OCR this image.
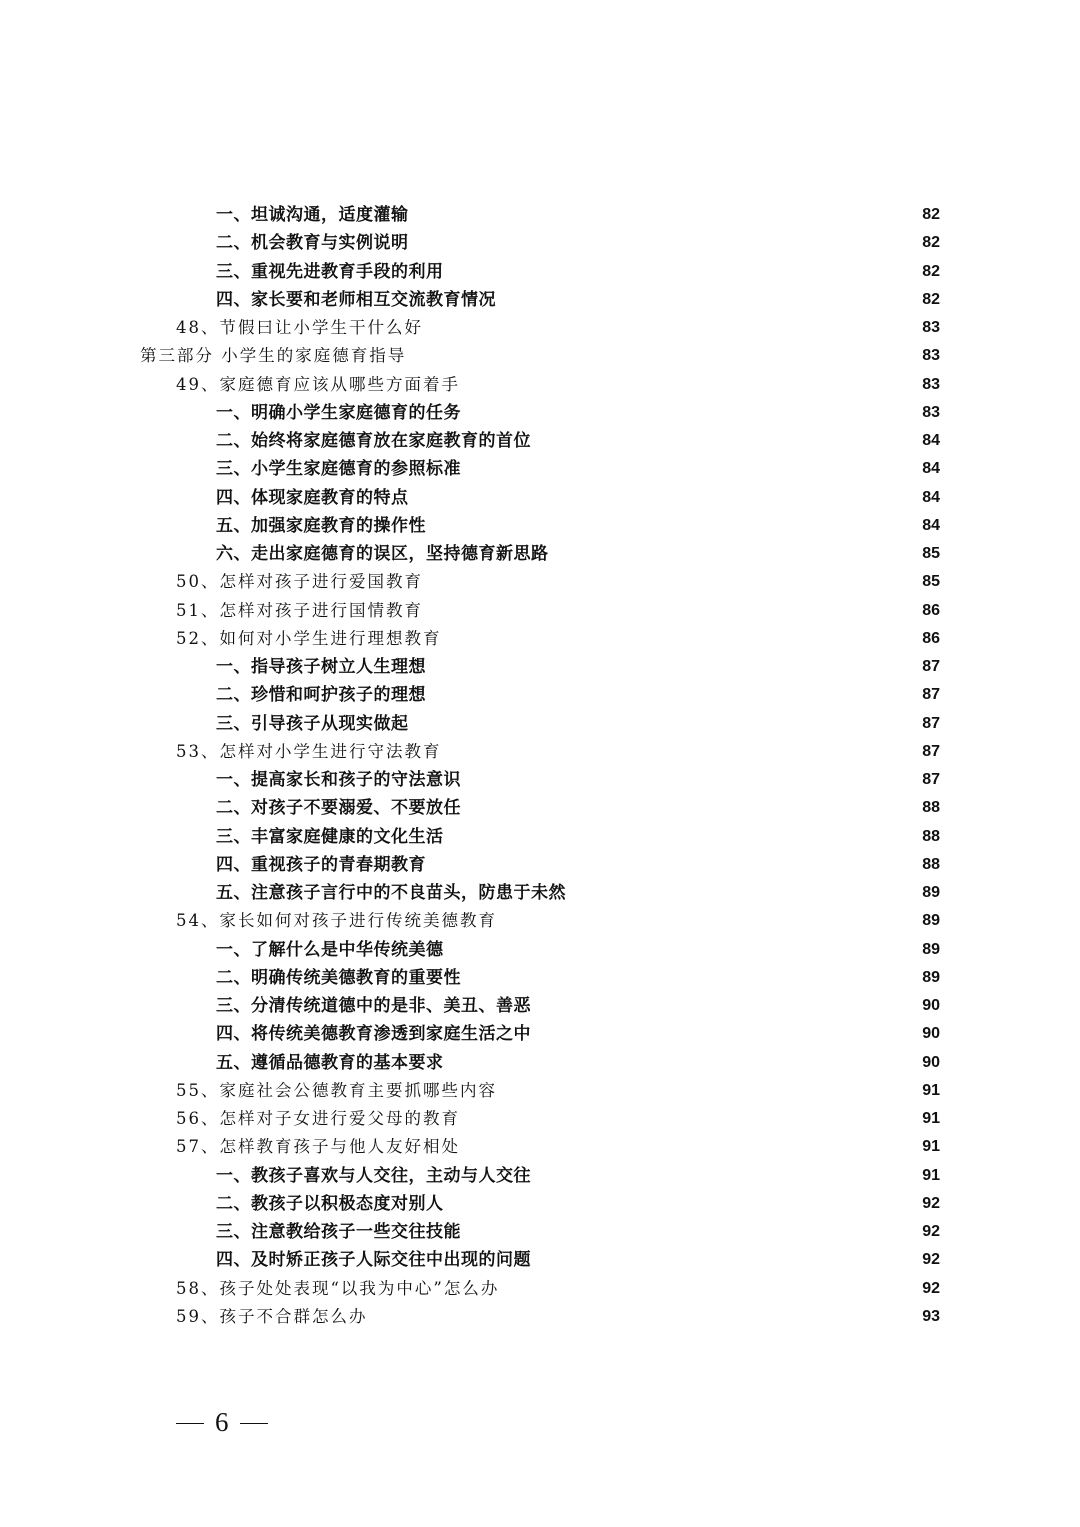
一、坦诚沟通，适度灌输	82
二、机会教育与实例说明	82
三、重视先进教育手段的利用	82
四、家长要和老师相互交流教育情况	82
48、节假曰让小学生干什么好	83
第三部分 小学生的家庭德育指导	83
49、家庭德育应该从哪些方面着手	83
一、明确小学生家庭德育的任务	83
二、始终将家庭德育放在家庭教育的首位	84
三、小学生家庭德育的参照标准	84
四、体现家庭教育的特点	84
五、加强家庭教育的操作性	84
六、走出家庭德育的误区，坚持德育新思路	85
50、怎样对孩子进行爱国教育	85
51、怎样对孩子进行国情教育	86
52、如何对小学生进行理想教育	86
一、指导孩子树立人生理想	87
二、珍惜和呵护孩子的理想	87
三、引导孩子从现实做起	87
53、怎样对小学生进行守法教育	87
一、提高家长和孩子的守法意识	87
二、对孩子不要溺爱、不要放任	88
三、丰富家庭健康的文化生活	88
四、重视孩子的青春期教育	88
五、注意孩子言行中的不良苗头，防患于未然	89
54、家长如何对孩子进行传统美德教育	89
一、了解什么是中华传统美德	89
二、明确传统美德教育的重要性	89
三、分清传统道德中的是非、美丑、善恶	90
四、将传统美德教育渗透到家庭生活之中	90
五、遵循品德教育的基本要求	90
55、家庭社会公德教育主要抓哪些内容	91
56、怎样对子女进行爱父母的教育	91
57、怎样教育孩子与他人友好相处	91
一、教孩子喜欢与人交往，主动与人交往	91
二、教孩子以积极态度对别人	92
三、注意教给孩子一些交往技能	92
四、及时矫正孩子人际交往中出现的问题	92
58、孩子处处表现“以我为中心”怎么办	92
59、孩子不合群怎么办	93
6
